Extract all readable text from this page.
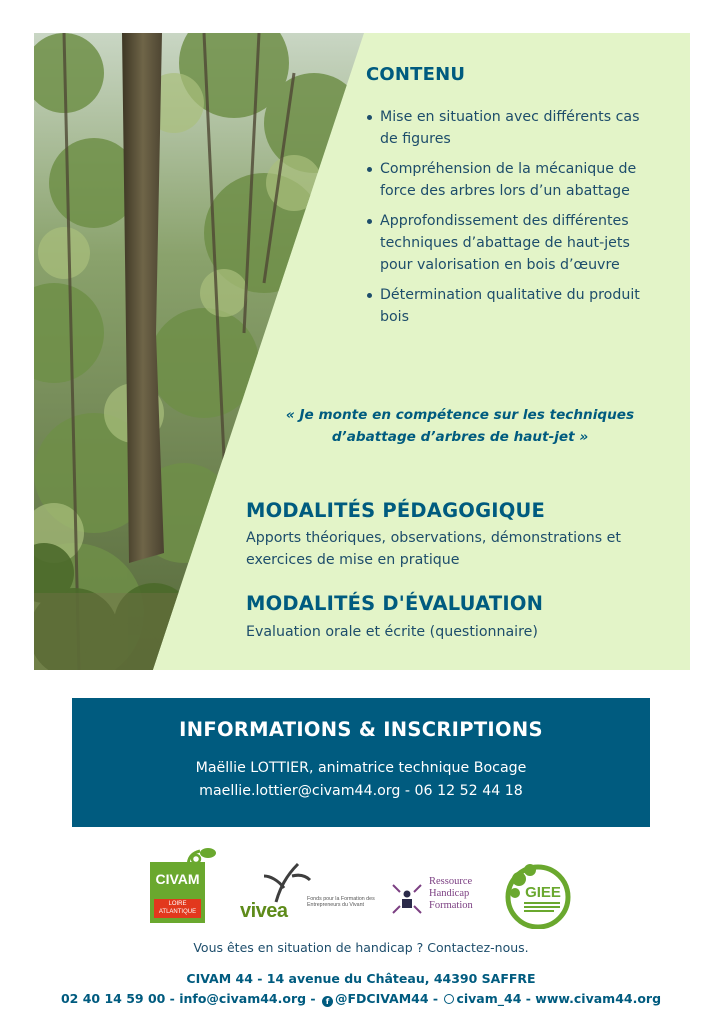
CONTENU
Mise en situation avec différents cas de figures
Compréhension de la mécanique de force des arbres lors d’un abattage
Approfondissement des différentes techniques d’abattage de haut-jets pour valorisation en bois d’œuvre
Détermination qualitative du produit bois

« Je monte en compétence sur les techniques d’abattage d’arbres de haut-jet »

MODALITÉS PÉDAGOGIQUE

Apports théoriques, observations, démonstrations et exercices de mise en pratique

MODALITÉS D'ÉVALUATION

Evaluation orale et écrite (questionnaire)

INFORMATIONS & INSCRIPTIONS
Maëllie LOTTIER, animatrice technique Bocage
maellie.lottier@civam44.org - 06 12 52 44 18
CIVAM
LOIRE ATLANTIQUE vivea
Fonds pour la Formation des Entrepreneurs du Vivant
Ressource
Handicap
Formation
GIEE

Vous êtes en situation de handicap ? Contactez-nous.

CIVAM 44 - 14 avenue du Château, 44390 SAFFRE

02 40 14 59 00 - info@civam44.org - f @FDCIVAM44 - civam_44 - www.civam44.org
